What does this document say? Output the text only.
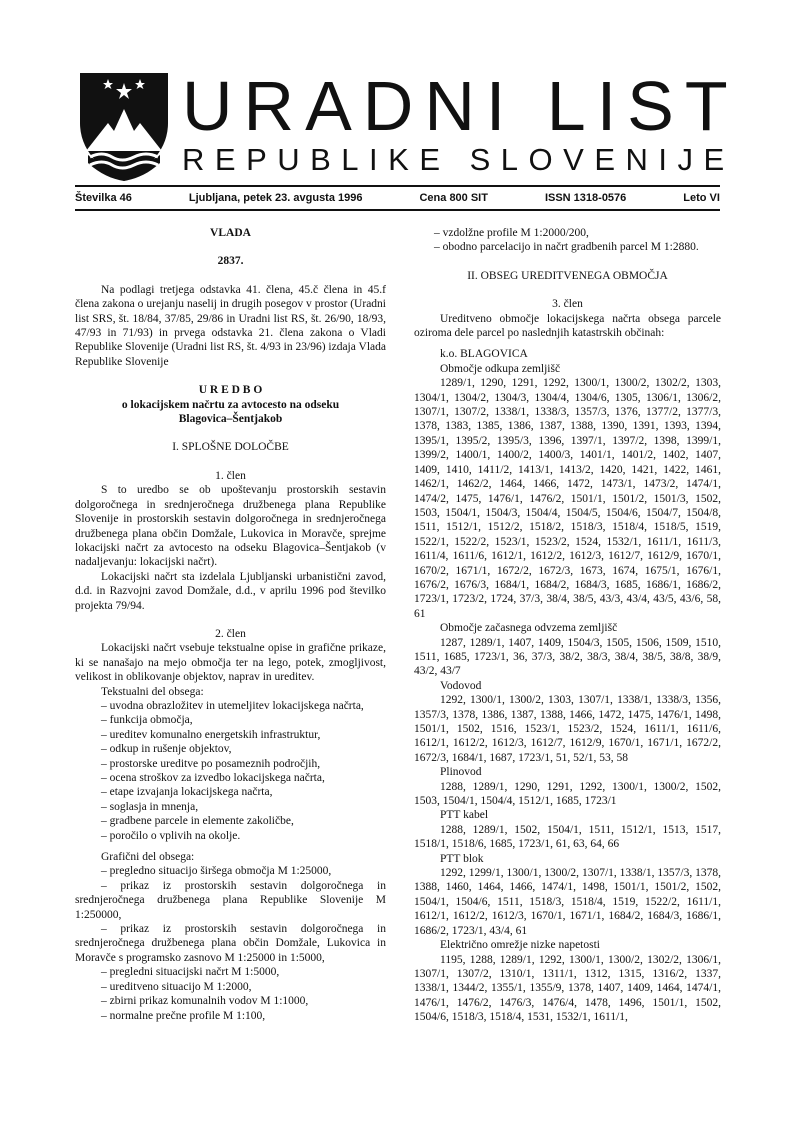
URADNI LIST
REPUBLIKE SLOVENIJE
Številka 46	Ljubljana, petek 23. avgusta 1996	Cena 800 SIT	ISSN 1318-0576	Leto VI

VLADA

2837.

Na podlagi tretjega odstavka 41. člena, 45.č člena in 45.f člena zakona o urejanju naselij in drugih posegov v prostor (Uradni list SRS, št. 18/84, 37/85, 29/86 in Uradni list RS, št. 26/90, 18/93, 47/93 in 71/93) in prvega odstavka 21. člena zakona o Vladi Republike Slovenije (Uradni list RS, št. 4/93 in 23/96) izdaja Vlada Republike Slovenije

U R E D B O

o lokacijskem načrtu za avtocesto na odseku

Blagovica–Šentjakob

I. SPLOŠNE DOLOČBE

1. člen

S to uredbo se ob upoštevanju prostorskih sestavin dolgoročnega in srednjeročnega družbenega plana Republike Slovenije in prostorskih sestavin dolgoročnega in srednjeročnega družbenega plana občin Domžale, Lukovica in Moravče, sprejme lokacijski načrt za avtocesto na odseku Blagovica–Šentjakob (v nadaljevanju: lokacijski načrt).

Lokacijski načrt sta izdelala Ljubljanski urbanistični zavod, d.d. in Razvojni zavod Domžale, d.d., v aprilu 1996 pod številko projekta 79/94.

2. člen

Lokacijski načrt vsebuje tekstualne opise in grafične prikaze, ki se nanašajo na mejo območja ter na lego, potek, zmogljivost, velikost in oblikovanje objektov, naprav in ureditev.

Tekstualni del obsega:

– uvodna obrazložitev in utemeljitev lokacijskega načrta,

– funkcija območja,

– ureditev komunalno energetskih infrastruktur,

– odkup in rušenje objektov,

– prostorske ureditve po posameznih področjih,

– ocena stroškov za izvedbo lokacijskega načrta,

– etape izvajanja lokacijskega načrta,

– soglasja in mnenja,

– gradbene parcele in elemente zakoličbe,

– poročilo o vplivih na okolje.

Grafični del obsega:

– pregledno situacijo širšega območja M 1:25000,

– prikaz iz prostorskih sestavin dolgoročnega in srednjeročnega družbenega plana Republike Slovenije M 1:250000,

– prikaz iz prostorskih sestavin dolgoročnega in srednjeročnega družbenega plana občin Domžale, Lukovica in Moravče s programsko zasnovo M 1:25000 in 1:5000,

– pregledni situacijski načrt M 1:5000,

– ureditveno situacijo M 1:2000,

– zbirni prikaz komunalnih vodov M 1:1000,

– normalne prečne profile M 1:100,

– vzdolžne profile M 1:2000/200,

– obodno parcelacijo in načrt gradbenih parcel M 1:2880.

II. OBSEG UREDITVENEGA OBMOČJA

3. člen

Ureditveno območje lokacijskega načrta obsega parcele oziroma dele parcel po naslednjih katastrskih občinah:

k.o. BLAGOVICA

Območje odkupa zemljišč

1289/1, 1290, 1291, 1292, 1300/1, 1300/2, 1302/2, 1303, 1304/1, 1304/2, 1304/3, 1304/4, 1304/6, 1305, 1306/1, 1306/2, 1307/1, 1307/2, 1338/1, 1338/3, 1357/3, 1376, 1377/2, 1377/3, 1378, 1383, 1385, 1386, 1387, 1388, 1390, 1391, 1393, 1394, 1395/1, 1395/2, 1395/3, 1396, 1397/1, 1397/2, 1398, 1399/1, 1399/2, 1400/1, 1400/2, 1400/3, 1401/1, 1401/2, 1402, 1407, 1409, 1410, 1411/2, 1413/1, 1413/2, 1420, 1421, 1422, 1461, 1462/1, 1462/2, 1464, 1466, 1472, 1473/1, 1473/2, 1474/1, 1474/2, 1475, 1476/1, 1476/2, 1501/1, 1501/2, 1501/3, 1502, 1503, 1504/1, 1504/3, 1504/4, 1504/5, 1504/6, 1504/7, 1504/8, 1511, 1512/1, 1512/2, 1518/2, 1518/3, 1518/4, 1518/5, 1519, 1522/1, 1522/2, 1523/1, 1523/2, 1524, 1532/1, 1611/1, 1611/3, 1611/4, 1611/6, 1612/1, 1612/2, 1612/3, 1612/7, 1612/9, 1670/1, 1670/2, 1671/1, 1672/2, 1672/3, 1673, 1674, 1675/1, 1676/1, 1676/2, 1676/3, 1684/1, 1684/2, 1684/3, 1685, 1686/1, 1686/2, 1723/1, 1723/2, 1724, 37/3, 38/4, 38/5, 43/3, 43/4, 43/5, 43/6, 58, 61

Območje začasnega odvzema zemljišč

1287, 1289/1, 1407, 1409, 1504/3, 1505, 1506, 1509, 1510, 1511, 1685, 1723/1, 36, 37/3, 38/2, 38/3, 38/4, 38/5, 38/8, 38/9, 43/2, 43/7

Vodovod

1292, 1300/1, 1300/2, 1303, 1307/1, 1338/1, 1338/3, 1356, 1357/3, 1378, 1386, 1387, 1388, 1466, 1472, 1475, 1476/1, 1498, 1501/1, 1502, 1516, 1523/1, 1523/2, 1524, 1611/1, 1611/6, 1612/1, 1612/2, 1612/3, 1612/7, 1612/9, 1670/1, 1671/1, 1672/2, 1672/3, 1684/1, 1687, 1723/1, 51, 52/1, 53, 58

Plinovod

1288, 1289/1, 1290, 1291, 1292, 1300/1, 1300/2, 1502, 1503, 1504/1, 1504/4, 1512/1, 1685, 1723/1

PTT kabel

1288, 1289/1, 1502, 1504/1, 1511, 1512/1, 1513, 1517, 1518/1, 1518/6, 1685, 1723/1, 61, 63, 64, 66

PTT blok

1292, 1299/1, 1300/1, 1300/2, 1307/1, 1338/1, 1357/3, 1378, 1388, 1460, 1464, 1466, 1474/1, 1498, 1501/1, 1501/2, 1502, 1504/1, 1504/6, 1511, 1518/3, 1518/4, 1519, 1522/2, 1611/1, 1612/1, 1612/2, 1612/3, 1670/1, 1671/1, 1684/2, 1684/3, 1686/1, 1686/2, 1723/1, 43/4, 61

Električno omrežje nizke napetosti

1195, 1288, 1289/1, 1292, 1300/1, 1300/2, 1302/2, 1306/1, 1307/1, 1307/2, 1310/1, 1311/1, 1312, 1315, 1316/2, 1337, 1338/1, 1344/2, 1355/1, 1355/9, 1378, 1407, 1409, 1464, 1474/1, 1476/1, 1476/2, 1476/3, 1476/4, 1478, 1496, 1501/1, 1502, 1504/6, 1518/3, 1518/4, 1531, 1532/1, 1611/1,
